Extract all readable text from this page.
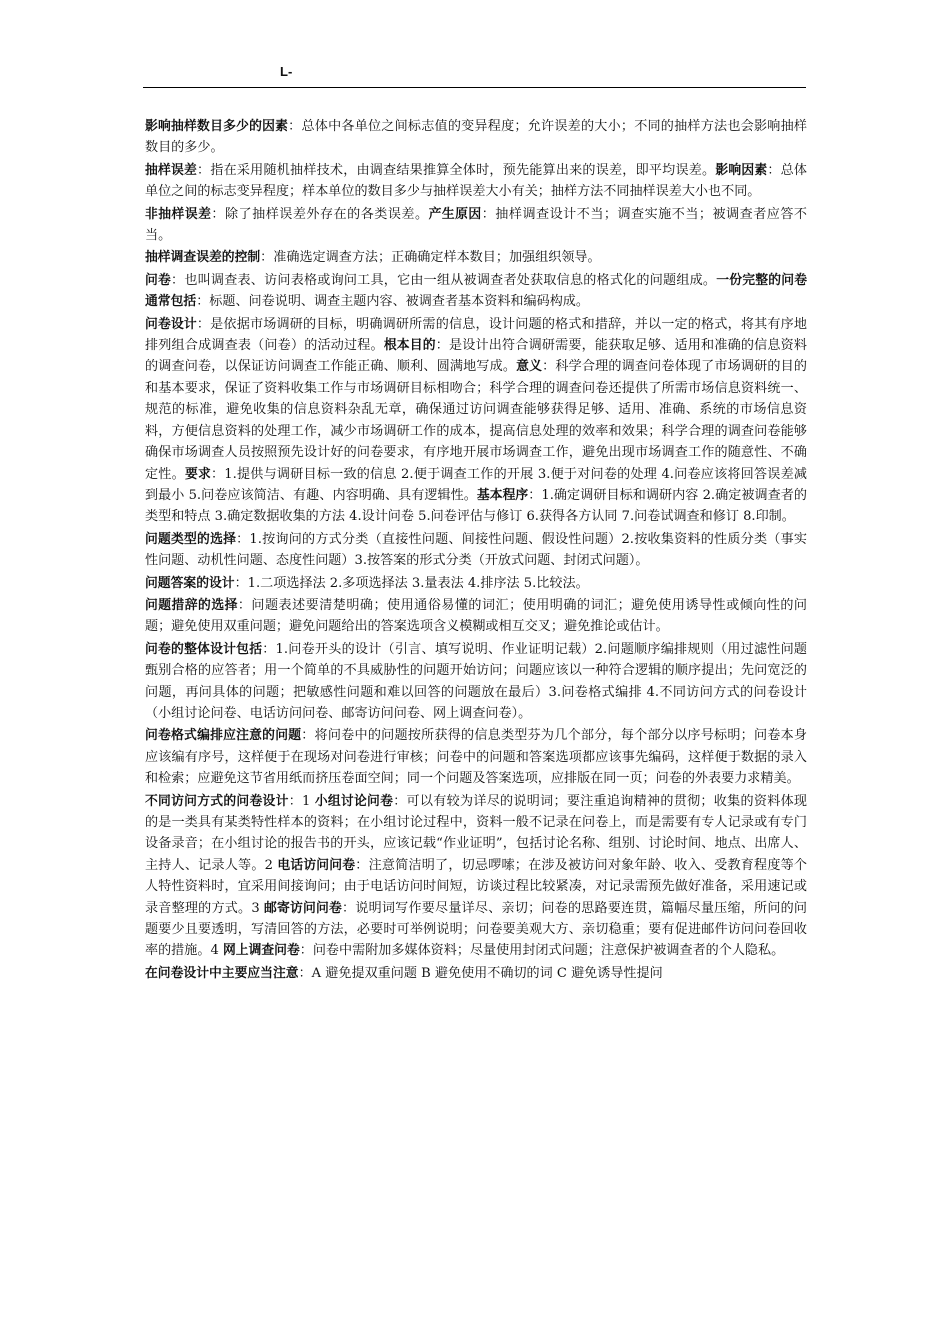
L-

影响抽样数目多少的因素：总体中各单位之间标志值的变异程度；允许误差的大小；不同的抽样方法也会影响抽样数目的多少。

抽样误差：指在采用随机抽样技术，由调查结果推算全体时，预先能算出来的误差，即平均误差。影响因素：总体单位之间的标志变异程度；样本单位的数目多少与抽样误差大小有关；抽样方法不同抽样误差大小也不同。

非抽样误差：除了抽样误差外存在的各类误差。产生原因：抽样调查设计不当；调查实施不当；被调查者应答不当。

抽样调查误差的控制：准确选定调查方法；正确确定样本数目；加强组织领导。

问卷：也叫调查表、访问表格或询问工具，它由一组从被调查者处获取信息的格式化的问题组成。一份完整的问卷通常包括：标题、问卷说明、调查主题内容、被调查者基本资料和编码构成。

问卷设计：是依据市场调研的目标，明确调研所需的信息，设计问题的格式和措辞，并以一定的格式，将其有序地排列组合成调查表（问卷）的活动过程。根本目的：是设计出符合调研需要，能获取足够、适用和准确的信息资料的调查问卷，以保证访问调查工作能正确、顺利、圆满地写成。意义：科学合理的调查问卷体现了市场调研的目的和基本要求，保证了资料收集工作与市场调研目标相吻合；科学合理的调查问卷还提供了所需市场信息资料统一、规范的标准，避免收集的信息资料杂乱无章，确保通过访问调查能够获得足够、适用、准确、系统的市场信息资料，方便信息资料的处理工作，减少市场调研工作的成本，提高信息处理的效率和效果；科学合理的调查问卷能够确保市场调查人员按照预先设计好的问卷要求，有序地开展市场调查工作，避免出现市场调查工作的随意性、不确定性。要求：1.提供与调研目标一致的信息 2.便于调查工作的开展 3.便于对问卷的处理 4.问卷应该将回答误差减到最小 5.问卷应该简洁、有趣、内容明确、具有逻辑性。基本程序：1.确定调研目标和调研内容 2.确定被调查者的类型和特点 3.确定数据收集的方法 4.设计问卷 5.问卷评估与修订 6.获得各方认同 7.问卷试调查和修订 8.印制。

问题类型的选择：1.按询问的方式分类（直接性问题、间接性问题、假设性问题）2.按收集资料的性质分类（事实性问题、动机性问题、态度性问题）3.按答案的形式分类（开放式问题、封闭式问题）。

问题答案的设计：1.二项选择法 2.多项选择法 3.量表法 4.排序法 5.比较法。

问题措辞的选择：问题表述要清楚明确；使用通俗易懂的词汇；使用明确的词汇；避免使用诱导性或倾向性的问题；避免使用双重问题；避免问题给出的答案选项含义模糊或相互交叉；避免推论或估计。

问卷的整体设计包括：1.问卷开头的设计（引言、填写说明、作业证明记载）2.问题顺序编排规则（用过滤性问题甄别合格的应答者；用一个简单的不具威胁性的问题开始访问；问题应该以一种符合逻辑的顺序提出；先问宽泛的问题，再问具体的问题；把敏感性问题和难以回答的问题放在最后）3.问卷格式编排 4.不同访问方式的问卷设计（小组讨论问卷、电话访问问卷、邮寄访问问卷、网上调查问卷）。

问卷格式编排应注意的问题：将问卷中的问题按所获得的信息类型芬为几个部分，每个部分以序号标明；问卷本身应该编有序号，这样便于在现场对问卷进行审核；问卷中的问题和答案选项都应该事先编码，这样便于数据的录入和检索；应避免这节省用纸而挤压卷面空间；同一个问题及答案选项，应排版在同一页；问卷的外表要力求精美。

不同访问方式的问卷设计：1 小组讨论问卷：可以有较为详尽的说明词；要注重追询精神的贯彻；收集的资料体现的是一类具有某类特性样本的资料；在小组讨论过程中，资料一般不记录在问卷上，而是需要有专人记录或有专门设备录音；在小组讨论的报告书的开头，应该记载“作业证明”，包括讨论名称、组别、讨论时间、地点、出席人、主持人、记录人等。2 电话访问问卷：注意简洁明了，切忌啰嗦；在涉及被访问对象年龄、收入、受教育程度等个人特性资料时，宜采用间接询问；由于电话访问时间短，访谈过程比较紧凑，对记录需预先做好准备，采用速记或录音整理的方式。3 邮寄访问问卷：说明词写作要尽量详尽、亲切；问卷的思路要连贯，篇幅尽量压缩，所问的问题要少且要透明，写清回答的方法，必要时可举例说明；问卷要美观大方、亲切稳重；要有促进邮件访问问卷回收率的措施。4 网上调查问卷：问卷中需附加多媒体资料；尽量使用封闭式问题；注意保护被调查者的个人隐私。

在问卷设计中主要应当注意：A 避免提双重问题 B 避免使用不确切的词 C 避免诱导性提问
